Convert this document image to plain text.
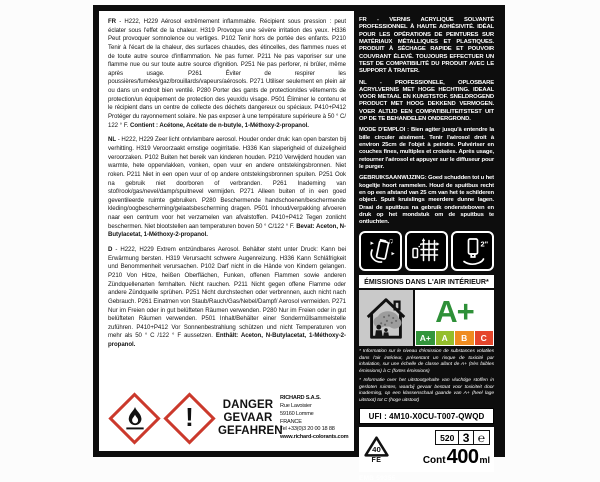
FR - H222, H229 Aérosol extrêmement inflammable. Récipient sous pression : peut éclater sous l'effet de la chaleur. H319 Provoque une sévère irritation des yeux. H336 Peut provoquer somnolence ou vertiges. P102 Tenir hors de portée des enfants. P210 Tenir à l'écart de la chaleur, des surfaces chaudes, des étincelles, des flammes nues et de toute autre source d'inflammation. Ne pas fumer. P211 Ne pas vaporiser sur une flamme nue ou sur toute autre source d'ignition. P251 Ne pas perforer, ni brûler, même après usage. P261 Éviter de respirer les poussières/fumées/gaz/brouillards/vapeurs/aérosols. P271 Utiliser seulement en plein air ou dans un endroit bien ventilé. P280 Porter des gants de protection/des vêtements de protection/un équipement de protection des yeux/du visage. P501 Éliminer le contenu et le récipient dans un centre de collecte des déchets dangereux ou spéciaux. P410+P412 Protéger du rayonnement solaire. Ne pas exposer à une température supérieure à 50 ° C/ 122 ° F. Contient : Acétone, Acétate de n-butyle, 1-Méthoxy-2-propanol.

NL - H222, H229 Zeer licht ontvlambare aerosol. Houder onder druk: kan open barsten bij verhitting. H319 Veroorzaakt ernstige oogirritatie. H336 Kan slaperigheid of duizeligheid veroorzaken. P102 Buiten het bereik van kinderen houden. P210 Verwijderd houden van warmte, hete oppervlakken, vonken, open vuur en andere ontstekingsbronnen. Niet roken. P211 Niet in een open vuur of op andere ontstekingsbronnen spuiten. P251 Ook na gebruik niet doorboren of verbranden. P261 Inademing van stof/rook/gas/nevel/damp/spuitnevel vermijden. P271 Alleen buiten of in een goed geventileerde ruimte gebruiken. P280 Beschermende handschoenen/beschermende kleding/oogbescherming/gelaatsbescherming dragen. P501 Inhoud/verpakking afvoeren naar een centrum voor het verzamelen van afvalstoffen. P410+P412 Tegen zonlicht beschermen. Niet blootstellen aan temperaturen boven 50 ° C/122 ° F. Bevat: Aceton, N-Butylacetat, 1-Méthoxy-2-propanol.

D - H222, H229 Extrem entzündbares Aerosol. Behälter steht unter Druck: Kann bei Erwärmung bersten. H319 Verursacht schwere Augenreizung. H336 Kann Schläfrigkeit und Benommenheit verursachen. P102 Darf nicht in die Hände von Kindern gelangen. P210 Von Hitze, heißen Oberflächen, Funken, offenen Flammen sowie anderen Zündquellenarten fernhalten. Nicht rauchen. P211 Nicht gegen offene Flamme oder andere Zündquelle sprühen. P251 Nicht durchstechen oder verbrennen, auch nicht nach Gebrauch. P261 Einatmen von Staub/Rauch/Gas/Nebel/Dampf/ Aerosol vermeiden. P271 Nur im Freien oder in gut belüfteten Räumen verwenden. P280 Nur im Freien oder in gut belüfteten Räumen verwenden. P501 Inhalt/Behälter einer Sondermüllsammelstelle zuführen. P410+P412 Vor Sonnenbestrahlung schützen und nicht Temperaturen von mehr als 50 ° C /122 ° F aussetzen. Enthält: Aceton, N-Butylacetat, 1-Méthoxy-2-propanol.

!	DANGER
GEVAAR
GEFAHREN
RICHARD S.A.S.
Rue Lavoisier
59160 Lomme
FRANCE
Tel +33(0)3 20 00 18 88
www.richard-colorants.com

FR - VERNIS ACRYLIQUE SOLVANTÉ PROFESSIONNEL À HAUTE ADHÉSIVITÉ. IDÉAL POUR LES OPÉRATIONS DE PEINTURES SUR MATÉRIAUX MÉTALLIQUES ET PLASTIQUES. PRODUIT À SÉCHAGE RAPIDE ET POUVOIR COUVRANT ÉLEVÉ. TOUJOURS EFFECTUER UN TEST DE COMPATIBILITÉ DU PRODUIT AVEC LE SUPPORT À TRAITER.

NL - PROFESSIONELE, OPLOSBARE ACRYLVERNIS MET HOGE HECHTING. IDEAAL VOOR METAAL EN KUNSTSTOF. SNELDROGEND PRODUCT MET HOOG DEKKEND VERMOGEN. VOER ALTIJD EEN COMPATIBILITEITSTEST UIT OP DE TE BEHANDELEN ONDERGROND.

MODE D'EMPLOI : Bien agiter jusqu'à entendre la bille circuler aisément. Tenir l'aérosol droit à environ 25cm de l'objet à peindre. Pulvériser en couches fines, multiples et croisées. Après usage, retourner l'aérosol et appuyer sur le diffuseur pour le purger.

GEBRUIKSAANWIJZING: Goed schudden tot u het kogeltje hoort rammelen. Houd de spuitbus recht en op een afstand van 25 cm van het te schilderen object. Spuit kruislings meerdere dunne lagen. Draai de spuitbus na gebruik ondersteboven en druk op het mondstuk om de spuitbus te ontluchten.

♫	2"
ÉMISSIONS DANS L'AIR INTÉRIEUR*
A+
A+	A	B	C

* Information sur le niveau d'émission de substances volatiles dans l'air intérieur, présentant un risque de toxicité par inhalation, sur une échelle de classe allant de A+ (très faibles émissions) à C (fortes émissions)

* Informatie over het uitstootgehalte van vluchtige stoffen in gesloten ruimtes, waarbij gevaar bestaat voor toxiciteit door inademing, op een klassenschaal gaande van A+ (heel lage uitstoot) tot C (hoge uitstoot)

UFI : 4M10-X0CU-T007-QWQD
40
FE
520 3 ℮
Cont 400 ml
EMB 59355
